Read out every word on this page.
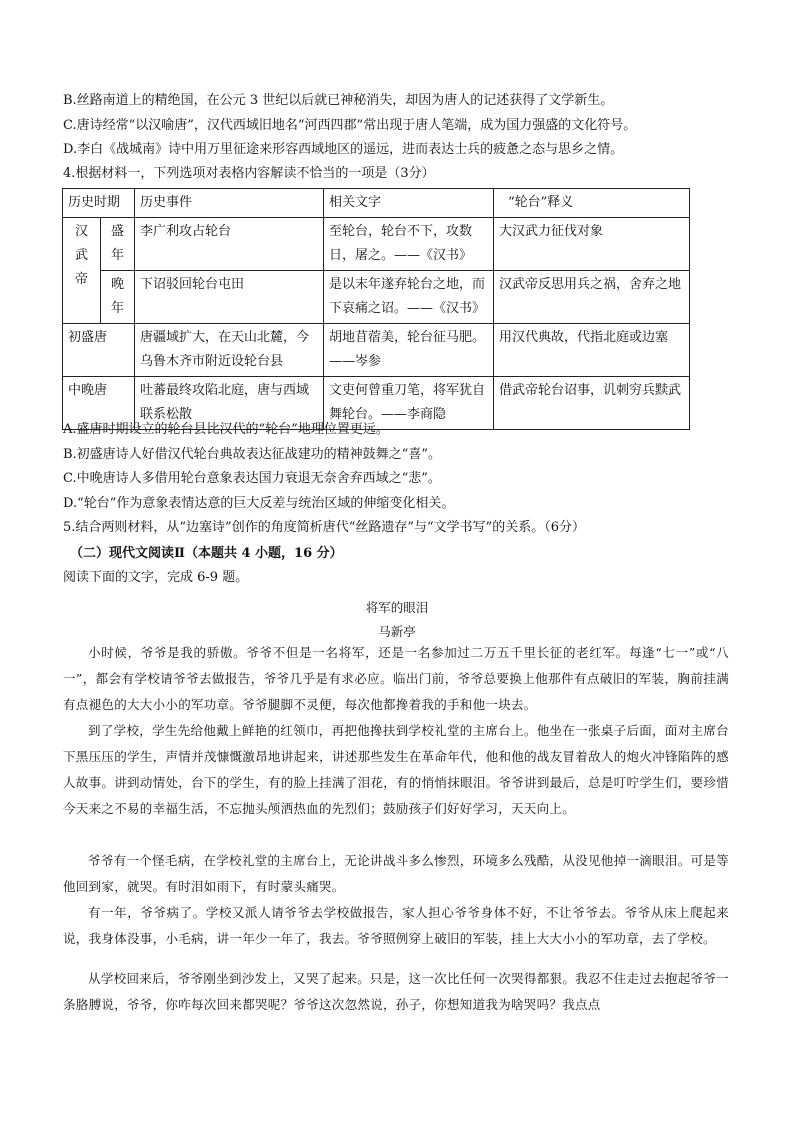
B.丝路南道上的精绝国，在公元 3 世纪以后就已神秘消失，却因为唐人的记述获得了文学新生。
C.唐诗经常“以汉喻唐”，汉代西域旧地名“河西四郡”常出现于唐人笔端，成为国力强盛的文化符号。
D.李白《战城南》诗中用万里征途来形容西域地区的遥远，进而表达士兵的疲惫之态与思乡之情。
4.根据材料一，下列选项对表格内容解读不恰当的一项是（3分）
历史时期		历史事件	相关文字	“轮台”释义

汉武帝	盛年	李广利攻占轮台	至轮台，轮台不下，攻数日，屠之。——《汉书》	大汉武力征伐对象

	晚年	下诏驳回轮台屯田	是以末年遂弃轮台之地，而下哀痛之诏。——《汉书》	汉武帝反思用兵之祸，舍弃之地
初盛唐		唐疆域扩大，在天山北麓，今乌鲁木齐市附近设轮台县	胡地苜蓿美，轮台征马肥。——岑参	用汉代典故，代指北庭或边塞
中晚唐		吐蕃最终攻陷北庭，唐与西域联系松散	文吏何曾重刀笔，将军犹自舞轮台。——李商隐	借武帝轮台诏事，讥刺穷兵黩武
A.盛唐时期设立的轮台县比汉代的“轮台”地理位置更远。
B.初盛唐诗人好借汉代轮台典故表达征战建功的精神鼓舞之“喜”。
C.中晚唐诗人多借用轮台意象表达国力衰退无奈舍弃西域之“悲”。
D.“轮台”作为意象表情达意的巨大反差与统治区域的伸缩变化相关。
5.结合两则材料，从“边塞诗”创作的角度简析唐代“丝路遗存”与“文学书写”的关系。（6分）
（二）现代文阅读Ⅱ（本题共 4 小题，16 分）
阅读下面的文字，完成 6-9 题。
将军的眼泪
马新亭
小时候，爷爷是我的骄傲。爷爷不但是一名将军，还是一名参加过二万五千里长征的老红军。每逢“七一”或“八一”，都会有学校请爷爷去做报告，爷爷几乎是有求必应。临出门前，爷爷总要换上他那件有点破旧的军装，胸前挂满有点褪色的大大小小的军功章。爷爷腿脚不灵便，每次他都搀着我的手和他一块去。
到了学校，学生先给他戴上鲜艳的红领巾，再把他搀扶到学校礼堂的主席台上。他坐在一张桌子后面，面对主席台下黑压压的学生，声情并茂慷慨激昂地讲起来，讲述那些发生在革命年代，他和他的战友冒着敌人的炮火冲锋陷阵的感人故事。讲到动情处，台下的学生，有的脸上挂满了泪花，有的悄悄抹眼泪。爷爷讲到最后，总是叮咛学生们，要珍惜今天来之不易的幸福生活，不忘抛头颅洒热血的先烈们；鼓励孩子们好好学习，天天向上。
爷爷有一个怪毛病，在学校礼堂的主席台上，无论讲战斗多么惨烈，环境多么残酷，从没见他掉一滴眼泪。可是等他回到家，就哭。有时泪如雨下，有时蒙头痛哭。
有一年，爷爷病了。学校又派人请爷爷去学校做报告，家人担心爷爷身体不好，不让爷爷去。爷爷从床上爬起来说，我身体没事，小毛病，讲一年少一年了，我去。爷爷照例穿上破旧的军装，挂上大大小小的军功章，去了学校。
从学校回来后，爷爷刚坐到沙发上，又哭了起来。只是，这一次比任何一次哭得都狠。我忍不住走过去抱起爷爷一条胳膊说，爷爷，你咋每次回来都哭呢？爷爷这次忽然说，孙子，你想知道我为啥哭吗？我点点
